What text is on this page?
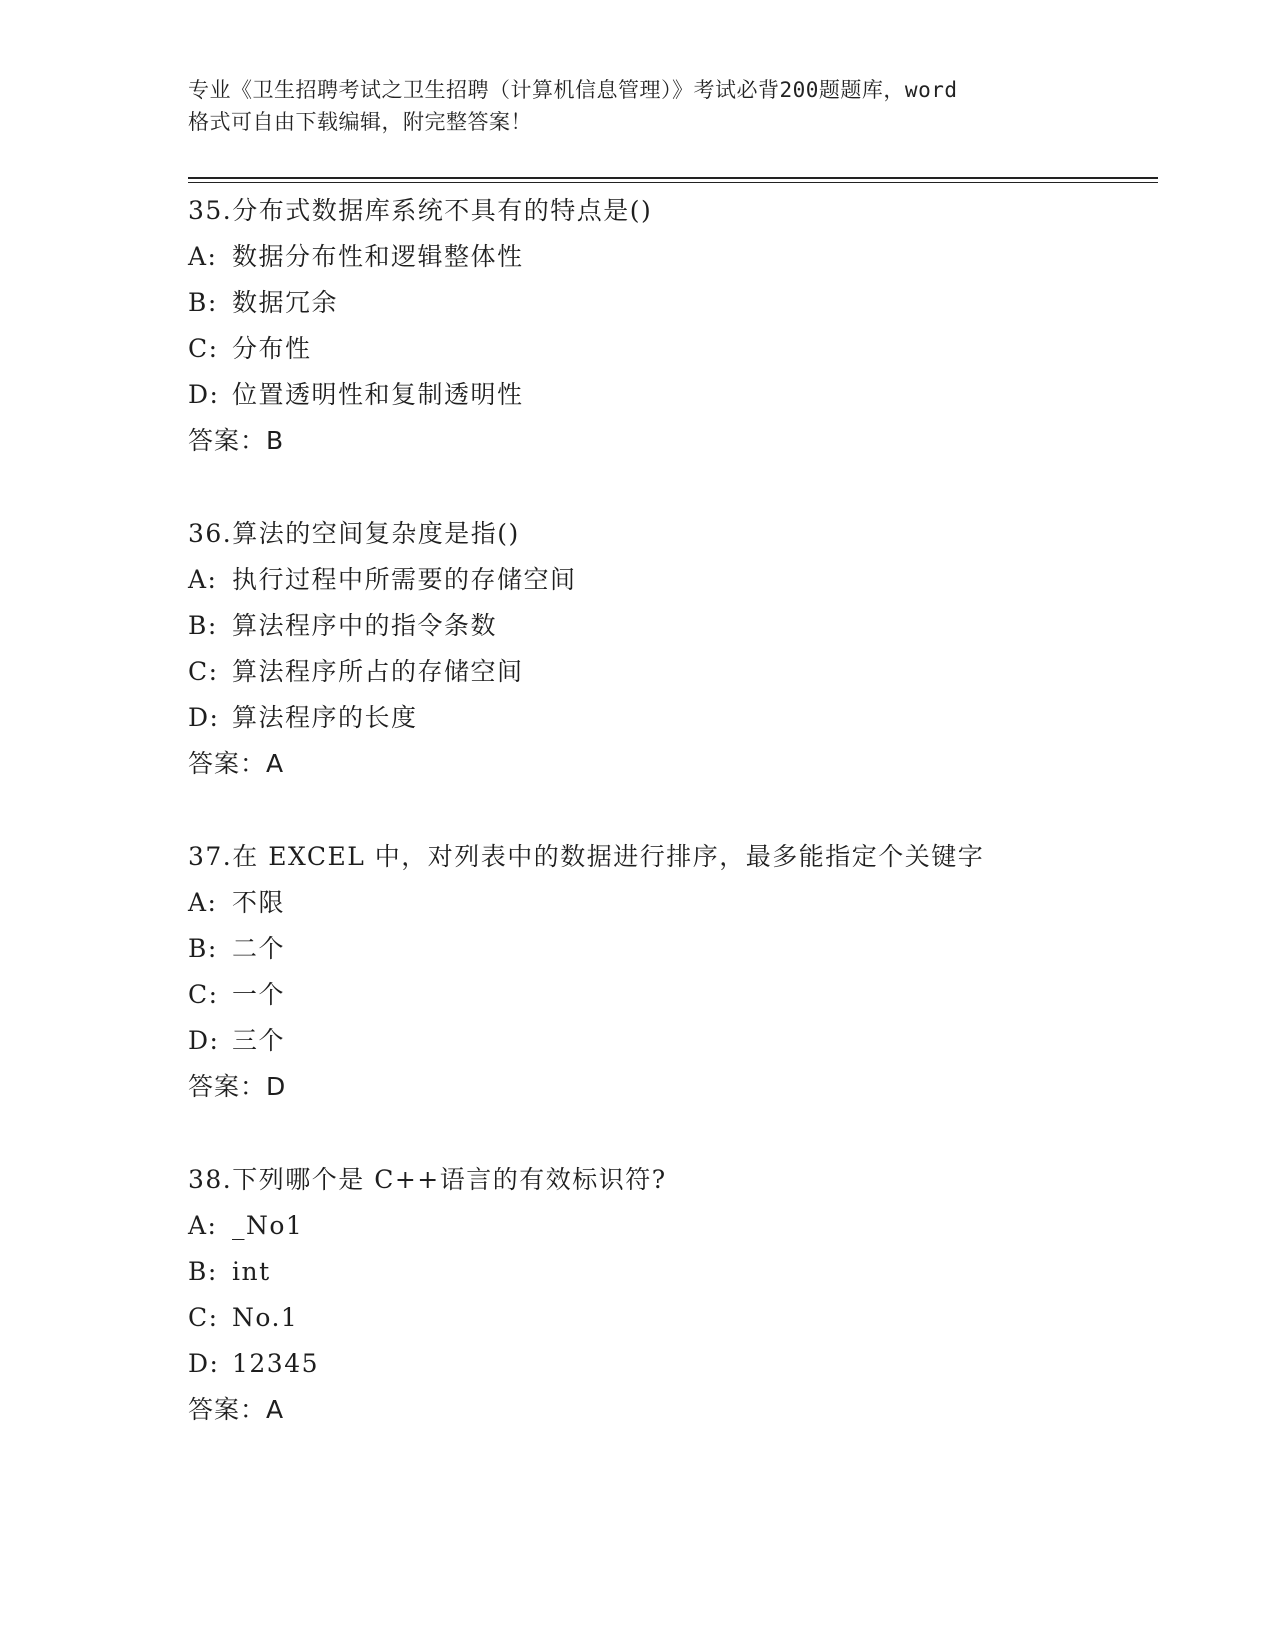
专业《卫生招聘考试之卫生招聘（计算机信息管理）》考试必背200题题库，word
格式可自由下载编辑，附完整答案！
35.分布式数据库系统不具有的特点是()
A: 数据分布性和逻辑整体性
B: 数据冗余
C: 分布性
D: 位置透明性和复制透明性
答案：B
36.算法的空间复杂度是指()
A: 执行过程中所需要的存储空间
B: 算法程序中的指令条数
C: 算法程序所占的存储空间
D: 算法程序的长度
答案：A
37.在 EXCEL 中，对列表中的数据进行排序，最多能指定个关键字
A: 不限
B: 二个
C: 一个
D: 三个
答案：D
38.下列哪个是 C++语言的有效标识符?
A: _No1
B: int
C: No.1
D: 12345
答案：A
